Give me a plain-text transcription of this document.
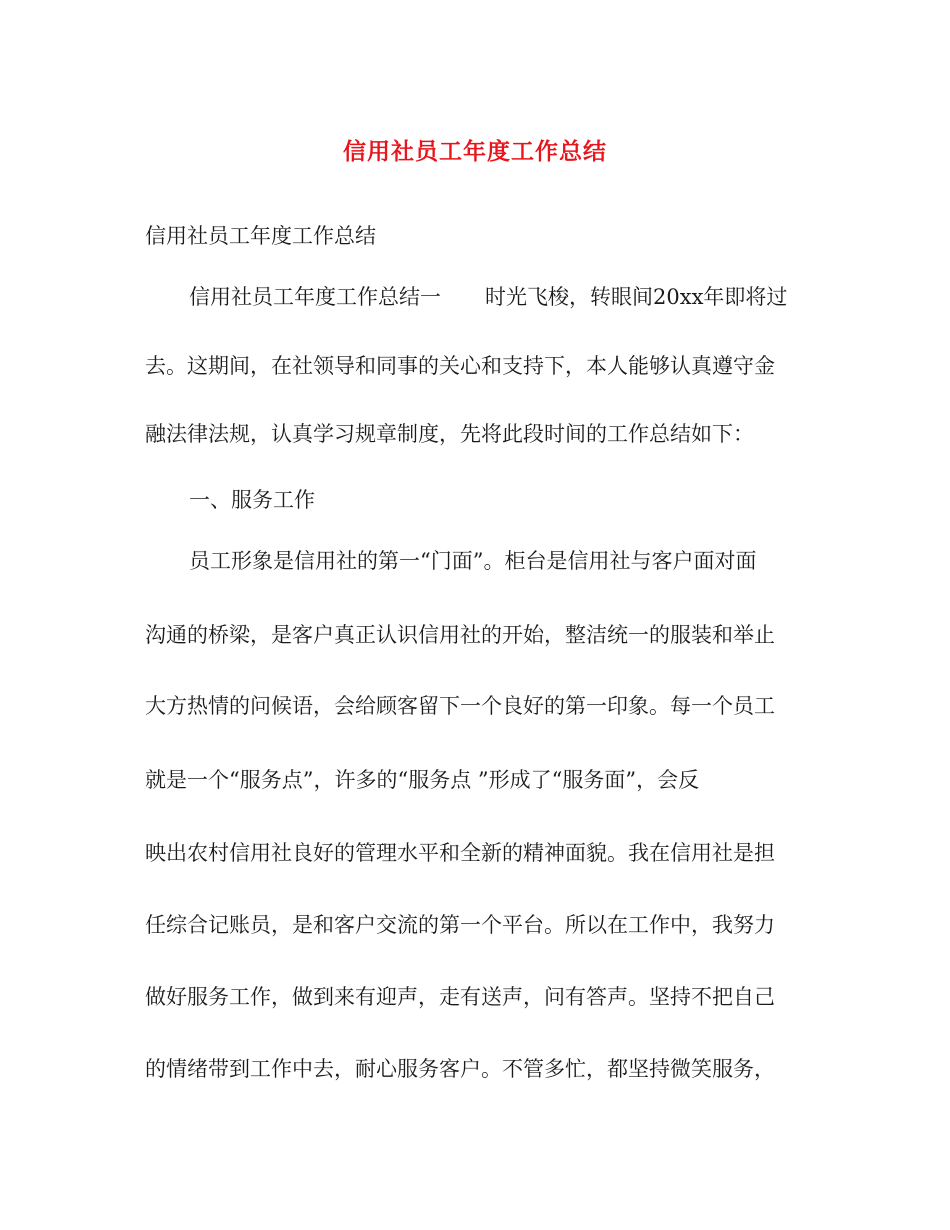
信用社员工年度工作总结

信用社员工年度工作总结

信用社员工年度工作总结一 时光飞梭，转眼间20xx年即将过

去。这期间，在社领导和同事的关心和支持下，本人能够认真遵守金

融法律法规，认真学习规章制度，先将此段时间的工作总结如下：

一、服务工作

员工形象是信用社的第一“门面”。柜台是信用社与客户面对面

沟通的桥梁，是客户真正认识信用社的开始，整洁统一的服装和举止

大方热情的问候语，会给顾客留下一个良好的第一印象。每一个员工

就是一个“服务点”，许多的“服务点 ”形成了“服务面”，会反

映出农村信用社良好的管理水平和全新的精神面貌。我在信用社是担

任综合记账员，是和客户交流的第一个平台。所以在工作中，我努力

做好服务工作，做到来有迎声，走有送声，问有答声。坚持不把自己

的情绪带到工作中去，耐心服务客户。不管多忙，都坚持微笑服务，
